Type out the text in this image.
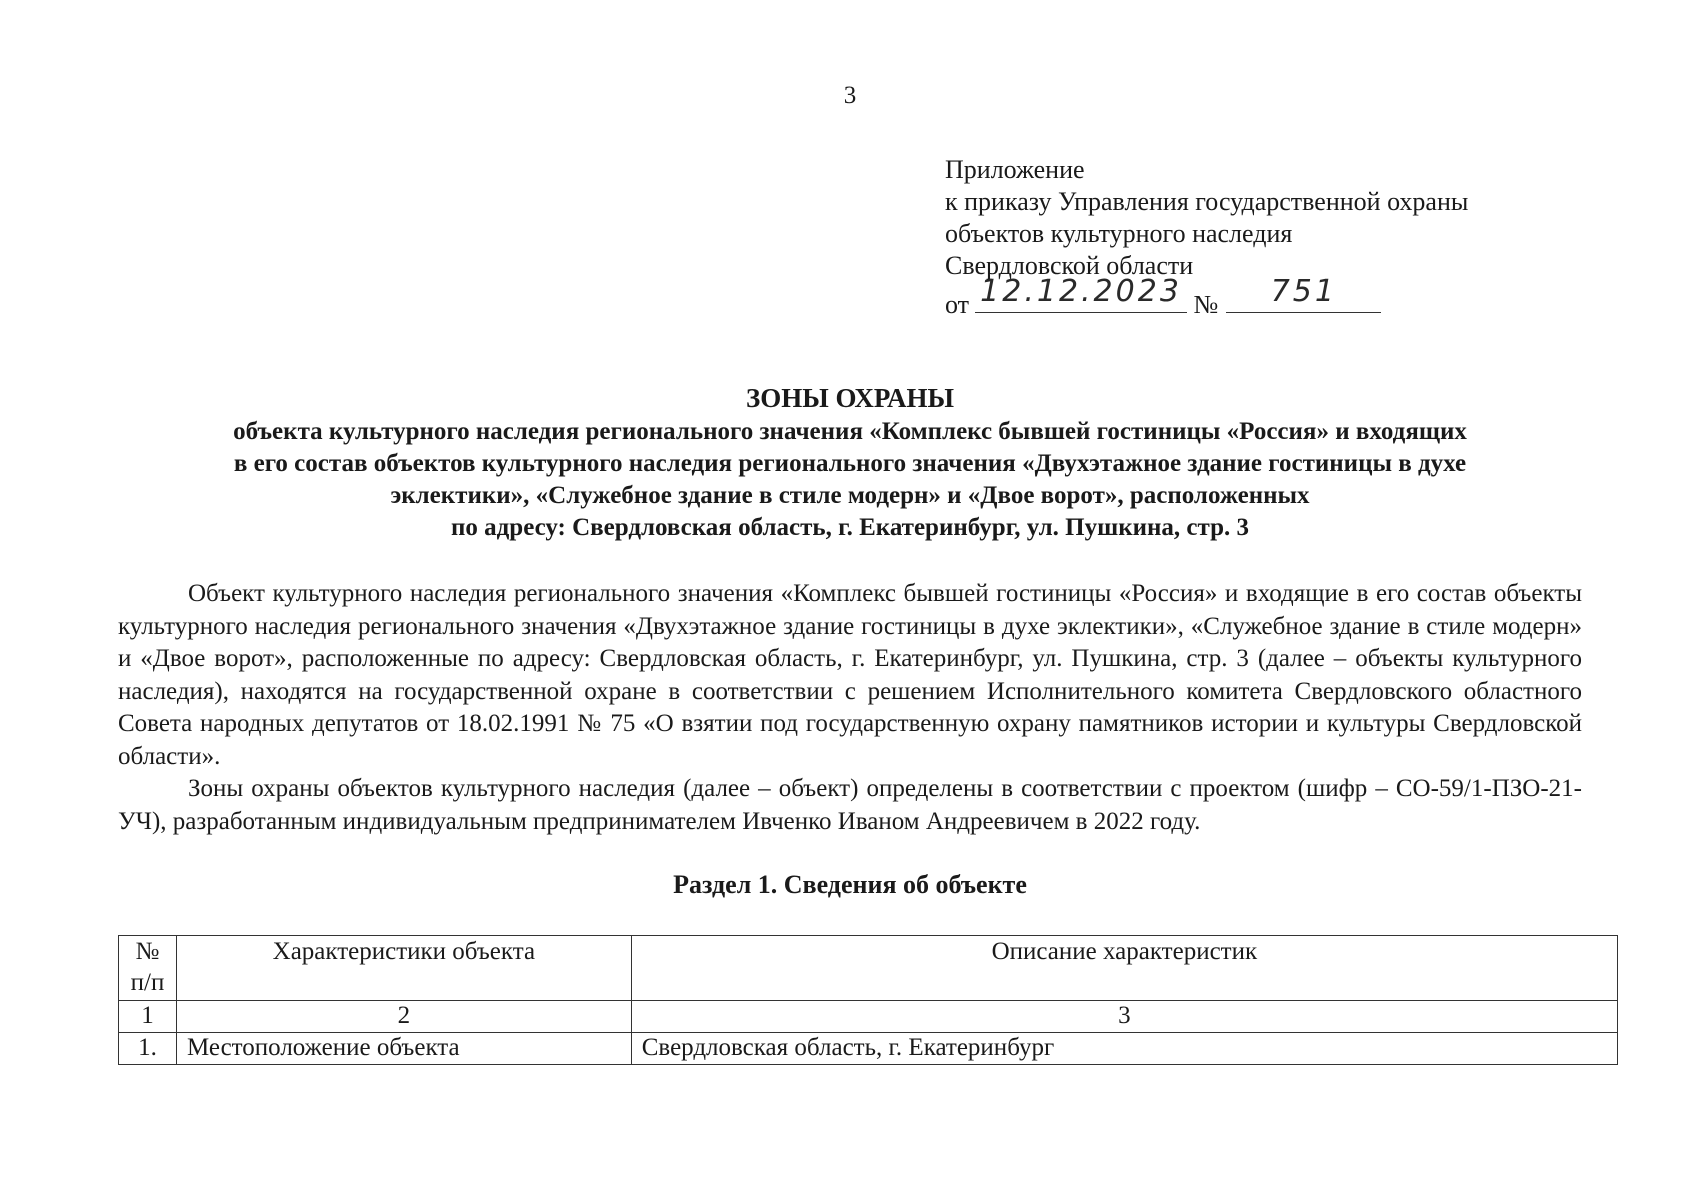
3
Приложение
к приказу Управления государственной охраны
объектов культурного наследия
Свердловской области
от 12.12.2023 №	751
ЗОНЫ ОХРАНЫ
объекта культурного наследия регионального значения «Комплекс бывшей гостиницы «Россия» и входящих
в его состав объектов культурного наследия регионального значения «Двухэтажное здание гостиницы в духе
эклектики», «Служебное здание в стиле модерн» и «Двое ворот», расположенных
по адресу: Свердловская область, г. Екатеринбург, ул. Пушкина, стр. 3

Объект культурного наследия регионального значения «Комплекс бывшей гостиницы «Россия» и входящие в его состав объекты культурного наследия регионального значения «Двухэтажное здание гостиницы в духе эклектики», «Служебное здание в стиле модерн» и «Двое ворот», расположенные по адресу: Свердловская область, г. Екатеринбург, ул. Пушкина, стр. 3 (далее – объекты культурного наследия), находятся на государственной охране в соответствии с решением Исполнительного комитета Свердловского областного Совета народных депутатов от 18.02.1991 № 75 «О взятии под государственную охрану памятников истории и культуры Свердловской области».

Зоны охраны объектов культурного наследия (далее – объект) определены в соответствии с проектом (шифр – СО-59/1-ПЗО-21-УЧ), разработанным индивидуальным предпринимателем Ивченко Иваном Андреевичем в 2022 году.

Раздел 1. Сведения об объекте
№
п/п	Характеристики объекта	Описание характеристик
1	2	3
1.	Местоположение объекта	Свердловская область, г. Екатеринбург
